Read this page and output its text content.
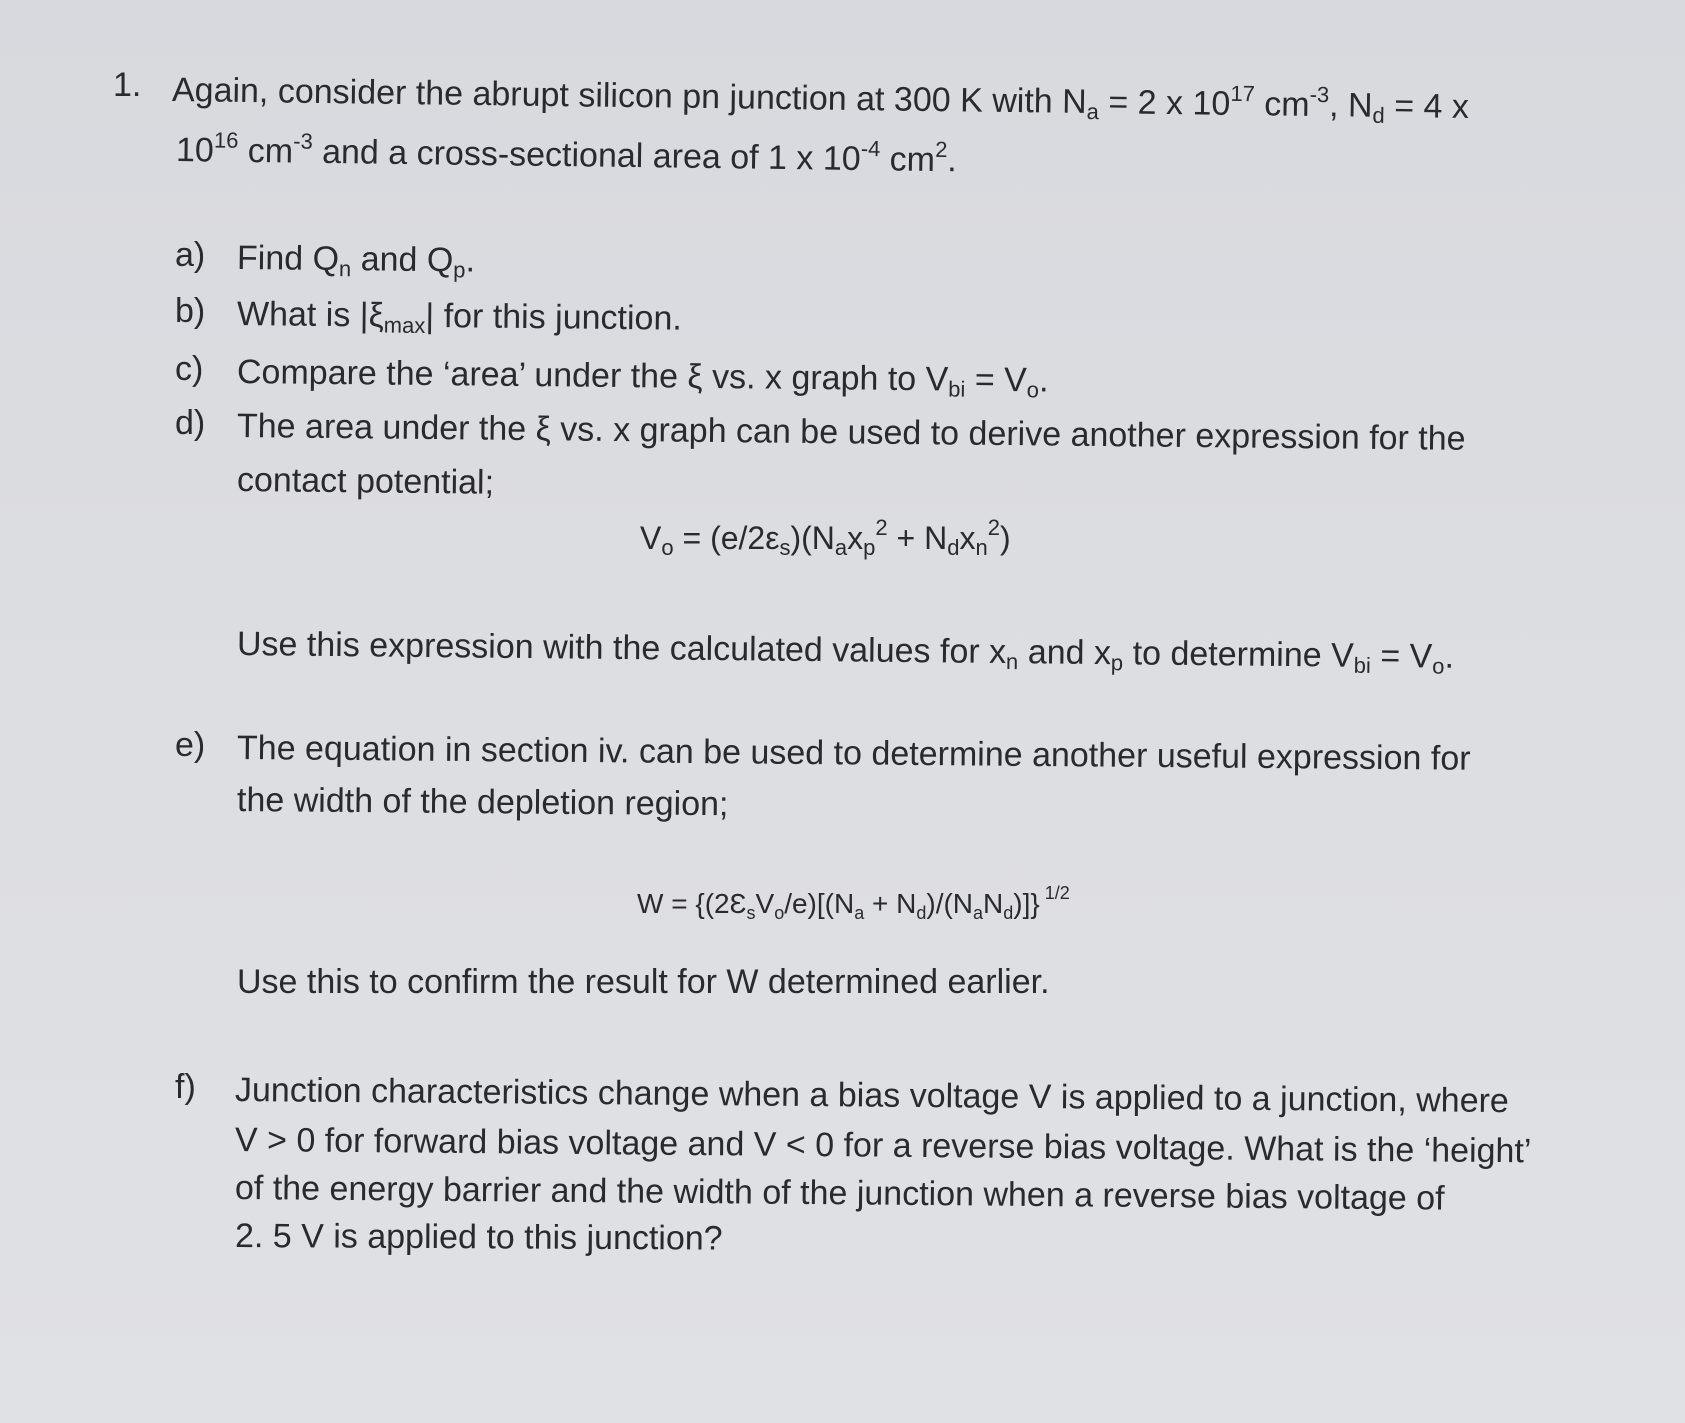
1. Again, consider the abrupt silicon pn junction at 300 K with $N_a = 2$ x $10^{17}$ $cm^{-3}$, $N_d = 4$ x
$10^{16}$ $cm^{-3}$ and a cross-sectional area of 1 x $10^{-4}$ $cm^2$.
a) Find $Q_n$ and $Q_p$.
b) What is $|\xi_{max}|$ for this junction.
c) Compare the ‘area’ under the ξ vs. x graph to $V_{bi} = V_o$.
d) The area under the ξ vs. x graph can be used to derive another expression for the
contact potential;
$V_o = (e/2\varepsilon_s)(N_ax_p^2 + N_dx_n^2)$
Use this expression with the calculated values for $x_n$ and $x_p$ to determine $V_{bi} = V_o$.
e) The equation in section iv. can be used to determine another useful expression for
the width of the depletion region;
$W = \{(2Ɛ_sV_o/e)[(N_a + N_d)/(N_aN_d)]\}$ $^{1/2}$
Use this to confirm the result for W determined earlier.
f) Junction characteristics change when a bias voltage V is applied to a junction, where
V > 0 for forward bias voltage and V < 0 for a reverse bias voltage. What is the ‘height’
of the energy barrier and the width of the junction when a reverse bias voltage of
2. 5 V is applied to this junction?
